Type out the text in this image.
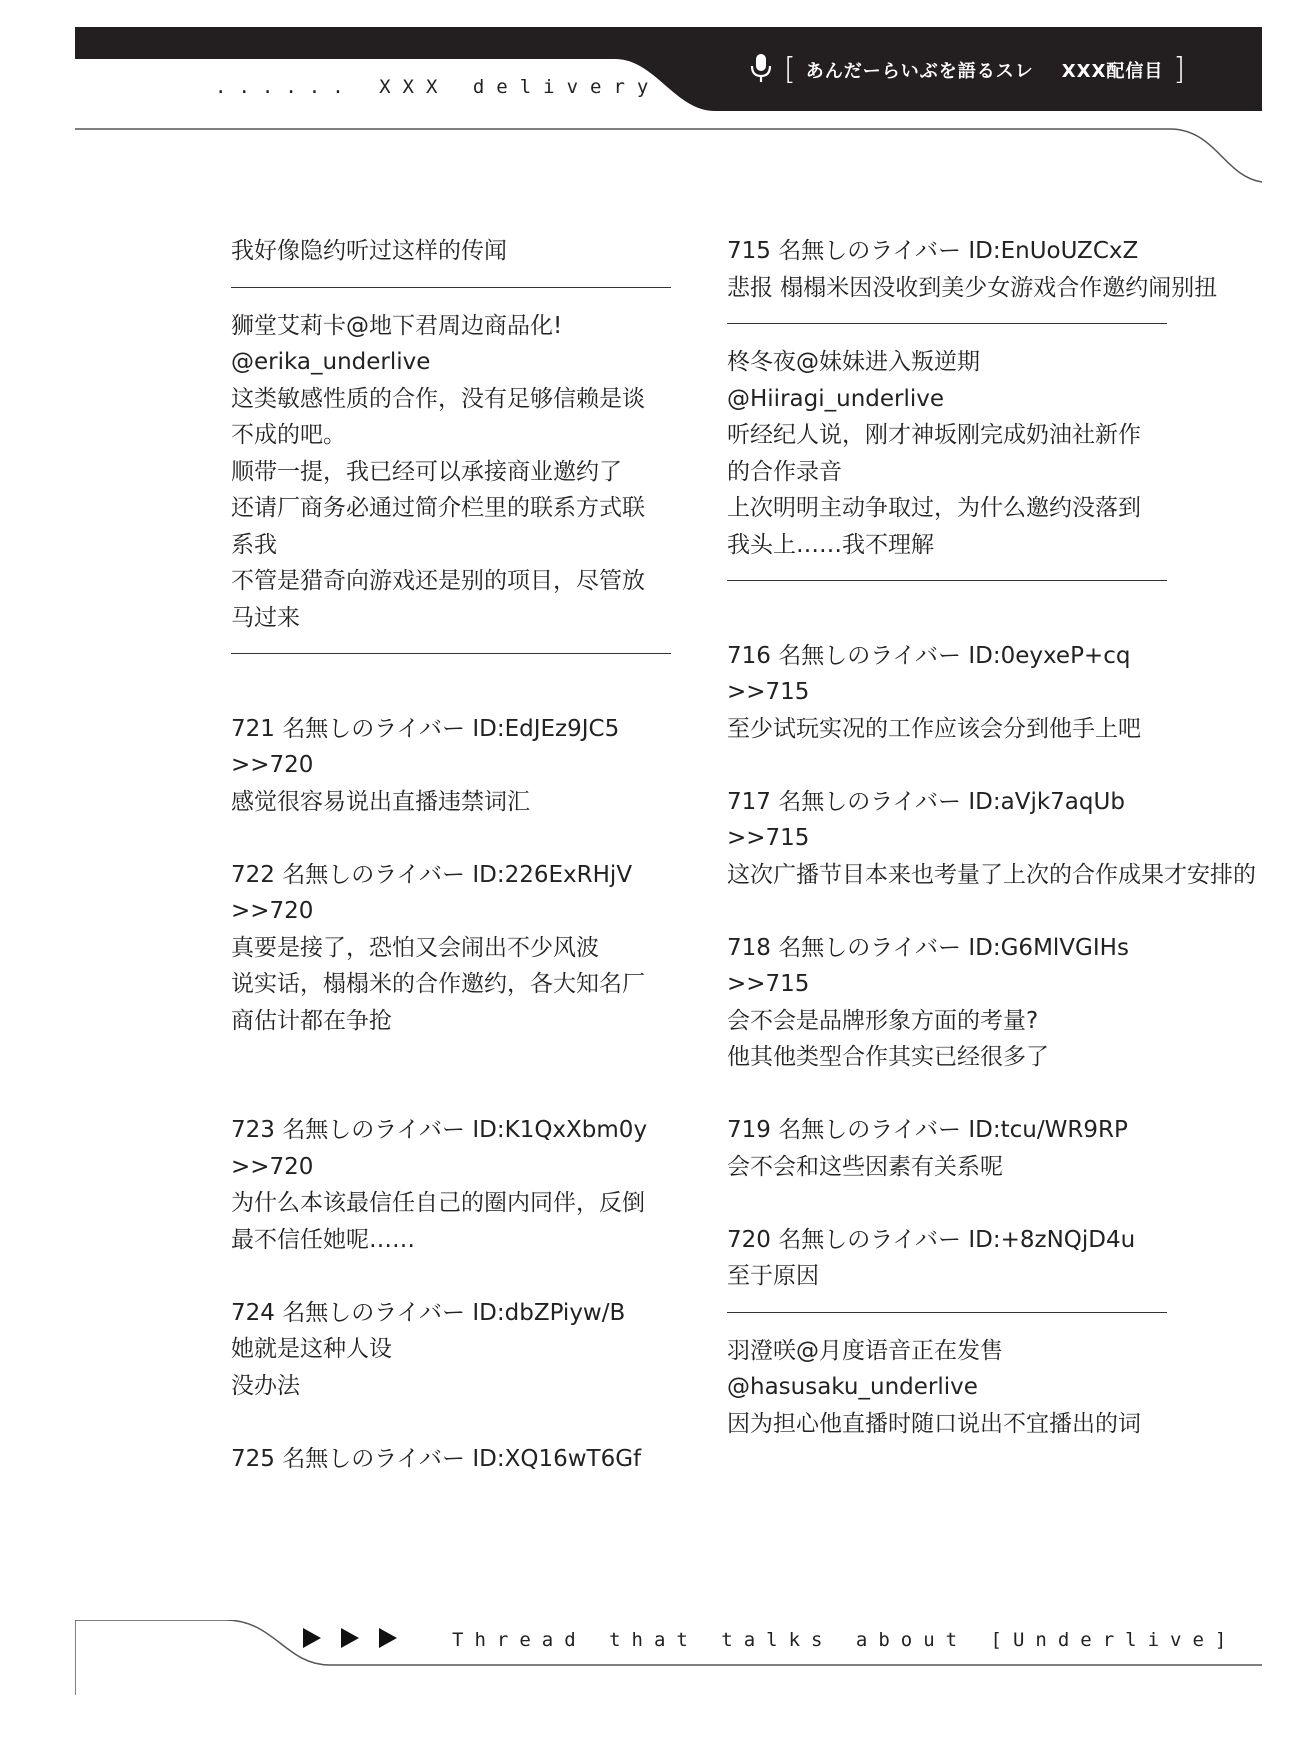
...... XXX delivery	[ あんだーらいぶを語るスレ XXX配信目 ]
我好像隐约听过这样的传闻
狮堂艾莉卡@地下君周边商品化!
@erika_underlive
这类敏感性质的合作，没有足够信赖是谈
不成的吧。
顺带一提，我已经可以承接商业邀约了
还请厂商务必通过简介栏里的联系方式联
系我
不管是猎奇向游戏还是别的项目，尽管放
马过来
721 名無しのライバー ID:EdJEz9JC5
>>720
感觉很容易说出直播违禁词汇
722 名無しのライバー ID:226ExRHjV
>>720
真要是接了，恐怕又会闹出不少风波
说实话，榻榻米的合作邀约，各大知名厂
商估计都在争抢
723 名無しのライバー ID:K1QxXbm0y
>>720
为什么本该最信任自己的圈内同伴，反倒
最不信任她呢……
724 名無しのライバー ID:dbZPiyw/B
她就是这种人设
没办法
725 名無しのライバー ID:XQ16wT6Gf
715 名無しのライバー ID:EnUoUZCxZ
悲报 榻榻米因没收到美少女游戏合作邀约闹别扭
柊冬夜@妹妹进入叛逆期
@Hiiragi_underlive
听经纪人说，刚才神坂刚完成奶油社新作
的合作录音
上次明明主动争取过，为什么邀约没落到
我头上……我不理解
716 名無しのライバー ID:0eyxeP+cq
>>715
至少试玩实况的工作应该会分到他手上吧
717 名無しのライバー ID:aVjk7aqUb
>>715
这次广播节目本来也考量了上次的合作成果才安排的
718 名無しのライバー ID:G6MlVGIHs
>>715
会不会是品牌形象方面的考量?
他其他类型合作其实已经很多了
719 名無しのライバー ID:tcu/WR9RP
会不会和这些因素有关系呢
720 名無しのライバー ID:+8zNQjD4u
至于原因
羽澄咲@月度语音正在发售
@hasusaku_underlive
因为担心他直播时随口说出不宜播出的词
Thread that talks about [Underlive]
